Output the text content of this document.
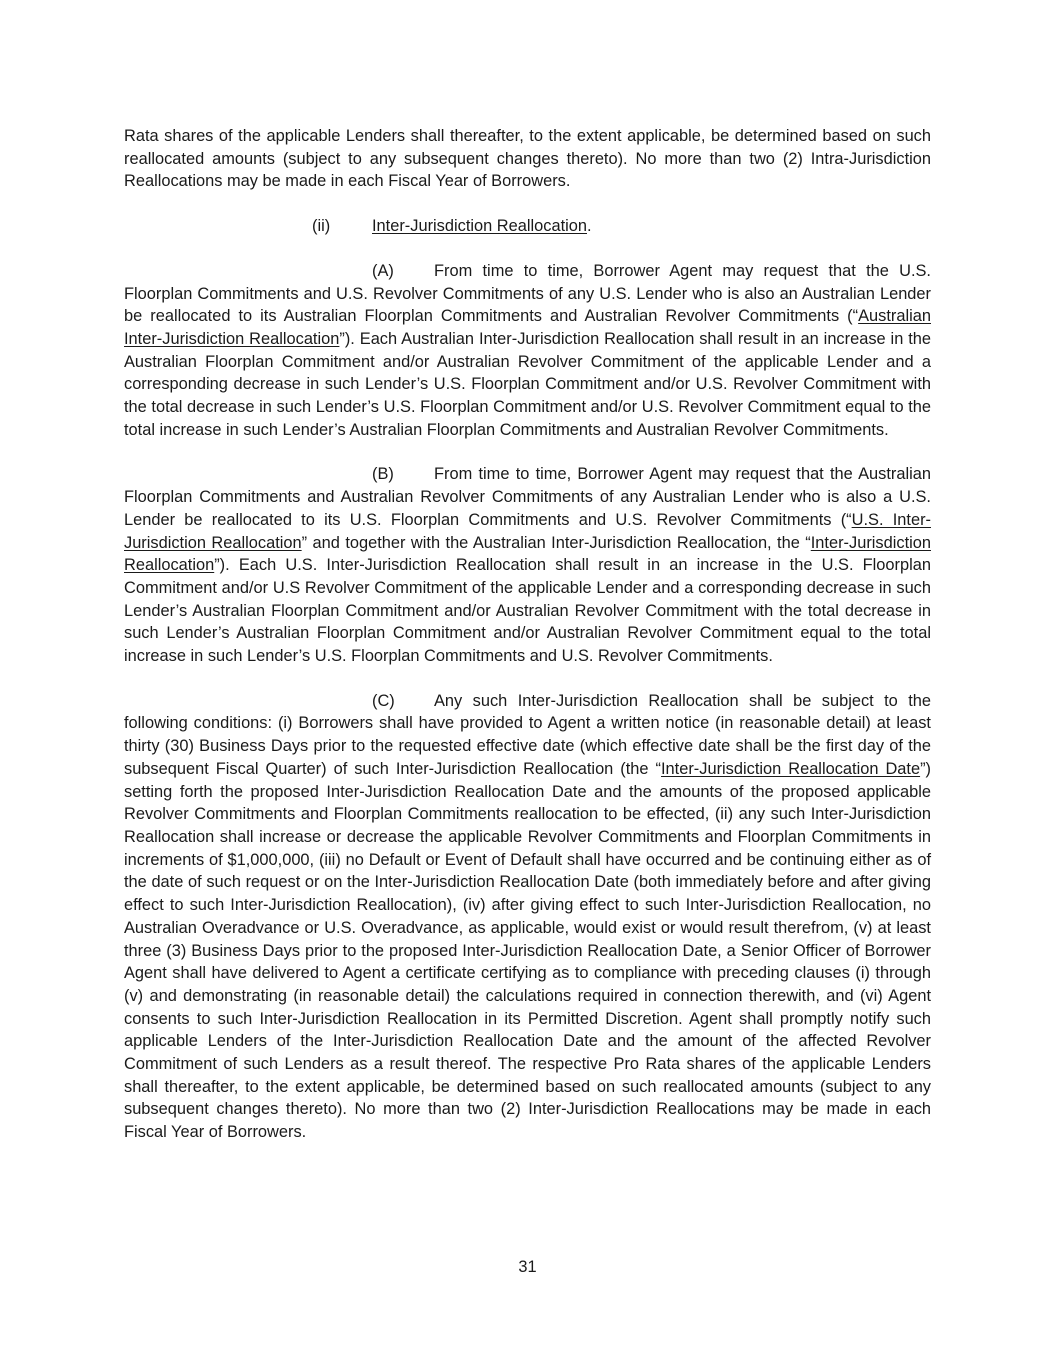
Rata shares of the applicable Lenders shall thereafter, to the extent applicable, be determined based on such reallocated amounts (subject to any subsequent changes thereto). No more than two (2) Intra-Jurisdiction Reallocations may be made in each Fiscal Year of Borrowers.

(ii)	Inter-Jurisdiction Reallocation.

(A) From time to time, Borrower Agent may request that the U.S. Floorplan Commitments and U.S. Revolver Commitments of any U.S. Lender who is also an Australian Lender be reallocated to its Australian Floorplan Commitments and Australian Revolver Commitments (“Australian Inter-Jurisdiction Reallocation”). Each Australian Inter-Jurisdiction Reallocation shall result in an increase in the Australian Floorplan Commitment and/or Australian Revolver Commitment of the applicable Lender and a corresponding decrease in such Lender’s U.S. Floorplan Commitment and/or U.S. Revolver Commitment with the total decrease in such Lender’s U.S. Floorplan Commitment and/or U.S. Revolver Commitment equal to the total increase in such Lender’s Australian Floorplan Commitments and Australian Revolver Commitments.

(B) From time to time, Borrower Agent may request that the Australian Floorplan Commitments and Australian Revolver Commitments of any Australian Lender who is also a U.S. Lender be reallocated to its U.S. Floorplan Commitments and U.S. Revolver Commitments (“U.S. Inter-Jurisdiction Reallocation” and together with the Australian Inter-Jurisdiction Reallocation, the “Inter-Jurisdiction Reallocation”). Each U.S. Inter-Jurisdiction Reallocation shall result in an increase in the U.S. Floorplan Commitment and/or U.S Revolver Commitment of the applicable Lender and a corresponding decrease in such Lender’s Australian Floorplan Commitment and/or Australian Revolver Commitment with the total decrease in such Lender’s Australian Floorplan Commitment and/or Australian Revolver Commitment equal to the total increase in such Lender’s U.S. Floorplan Commitments and U.S. Revolver Commitments.

(C) Any such Inter-Jurisdiction Reallocation shall be subject to the following conditions: (i) Borrowers shall have provided to Agent a written notice (in reasonable detail) at least thirty (30) Business Days prior to the requested effective date (which effective date shall be the first day of the subsequent Fiscal Quarter) of such Inter-Jurisdiction Reallocation (the “Inter-Jurisdiction Reallocation Date”) setting forth the proposed Inter-Jurisdiction Reallocation Date and the amounts of the proposed applicable Revolver Commitments and Floorplan Commitments reallocation to be effected, (ii) any such Inter-Jurisdiction Reallocation shall increase or decrease the applicable Revolver Commitments and Floorplan Commitments in increments of $1,000,000, (iii) no Default or Event of Default shall have occurred and be continuing either as of the date of such request or on the Inter-Jurisdiction Reallocation Date (both immediately before and after giving effect to such Inter-Jurisdiction Reallocation), (iv) after giving effect to such Inter-Jurisdiction Reallocation, no Australian Overadvance or U.S. Overadvance, as applicable, would exist or would result therefrom, (v) at least three (3) Business Days prior to the proposed Inter-Jurisdiction Reallocation Date, a Senior Officer of Borrower Agent shall have delivered to Agent a certificate certifying as to compliance with preceding clauses (i) through (v) and demonstrating (in reasonable detail) the calculations required in connection therewith, and (vi) Agent consents to such Inter-Jurisdiction Reallocation in its Permitted Discretion. Agent shall promptly notify such applicable Lenders of the Inter-Jurisdiction Reallocation Date and the amount of the affected Revolver Commitment of such Lenders as a result thereof. The respective Pro Rata shares of the applicable Lenders shall thereafter, to the extent applicable, be determined based on such reallocated amounts (subject to any subsequent changes thereto). No more than two (2) Inter-Jurisdiction Reallocations may be made in each Fiscal Year of Borrowers.

31
